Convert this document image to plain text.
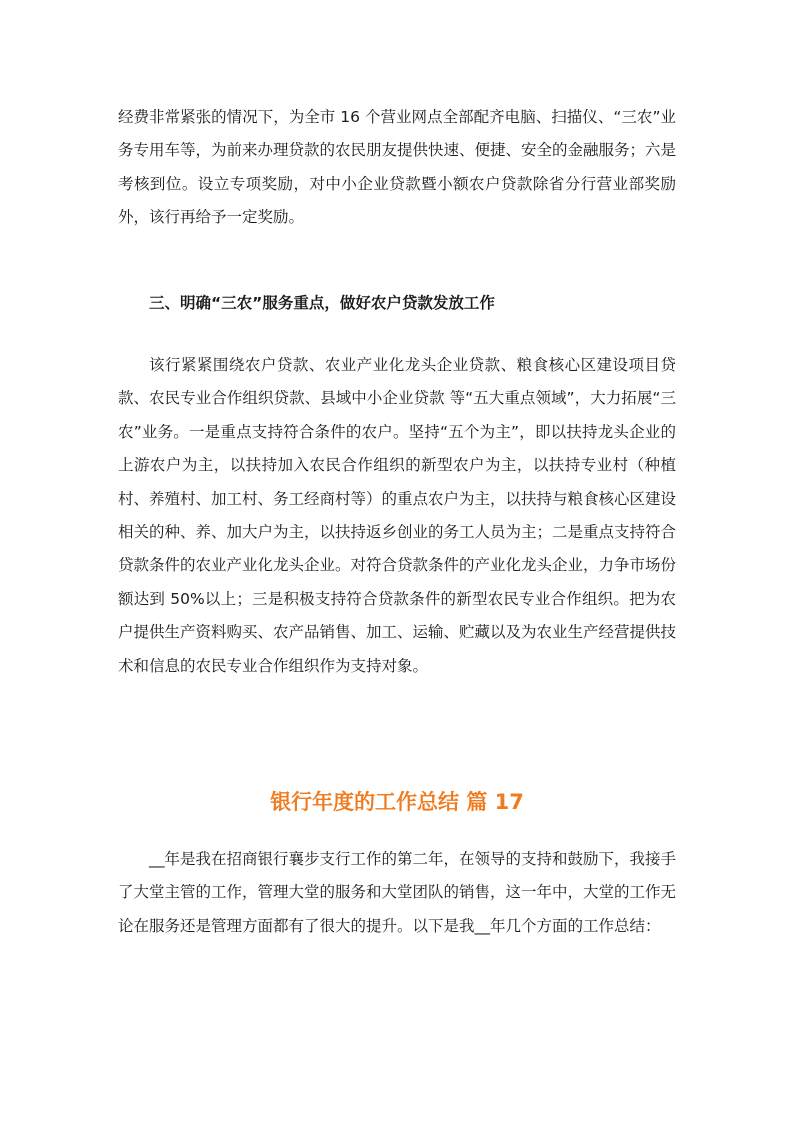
经费非常紧张的情况下，为全市 16 个营业网点全部配齐电脑、扫描仪、“三农”业务专用车等，为前来办理贷款的农民朋友提供快速、便捷、安全的金融服务；六是考核到位。设立专项奖励，对中小企业贷款暨小额农户贷款除省分行营业部奖励外，该行再给予一定奖励。

三、明确“三农”服务重点，做好农户贷款发放工作

该行紧紧围绕农户贷款、农业产业化龙头企业贷款、粮食核心区建设项目贷款、农民专业合作组织贷款、县域中小企业贷款 等“五大重点领域”，大力拓展“三农”业务。一是重点支持符合条件的农户。坚持“五个为主”，即以扶持龙头企业的上游农户为主，以扶持加入农民合作组织的新型农户为主，以扶持专业村（种植村、养殖村、加工村、务工经商村等）的重点农户为主，以扶持与粮食核心区建设相关的种、养、加大户为主，以扶持返乡创业的务工人员为主；二是重点支持符合贷款条件的农业产业化龙头企业。对符合贷款条件的产业化龙头企业，力争市场份额达到 50%以上；三是积极支持符合贷款条件的新型农民专业合作组织。把为农户提供生产资料购买、农产品销售、加工、运输、贮藏以及为农业生产经营提供技术和信息的农民专业合作组织作为支持对象。

银行年度的工作总结 篇 17

__年是我在招商银行襄步支行工作的第二年，在领导的支持和鼓励下，我接手了大堂主管的工作，管理大堂的服务和大堂团队的销售，这一年中，大堂的工作无论在服务还是管理方面都有了很大的提升。以下是我__年几个方面的工作总结：
